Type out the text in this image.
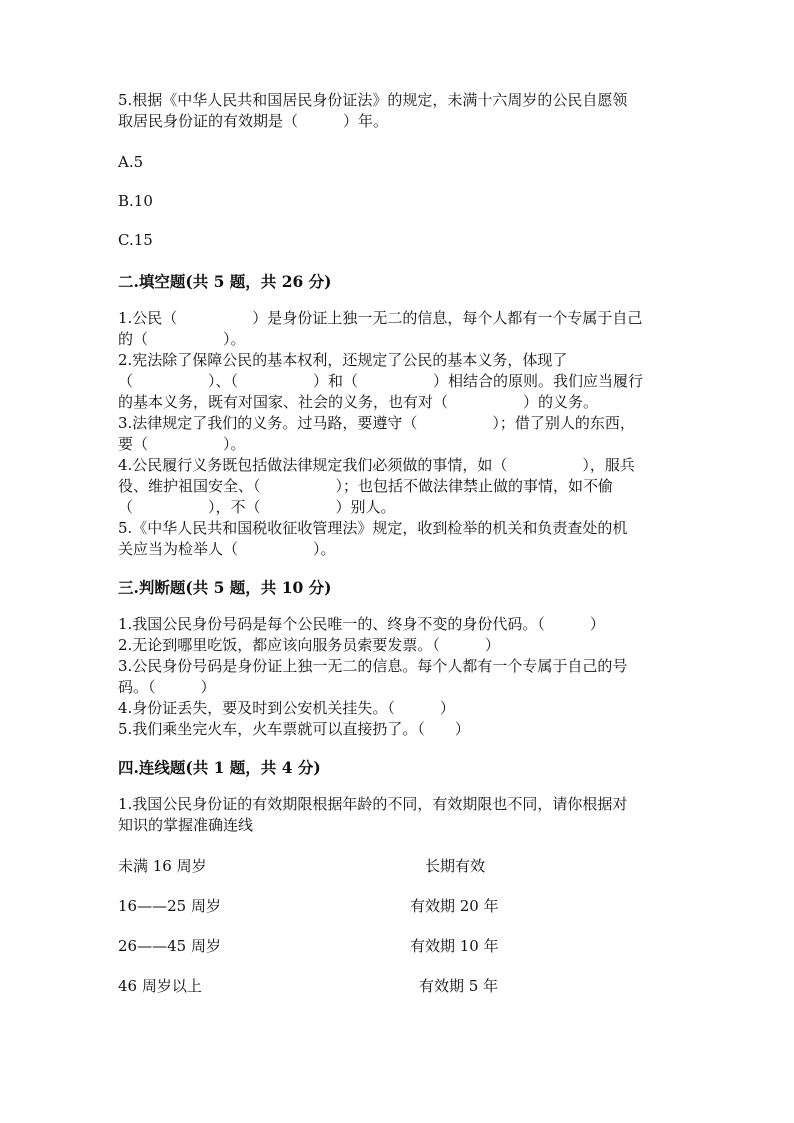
5.根据《中华人民共和国居民身份证法》的规定，未满十六周岁的公民自愿领

取居民身份证的有效期是（　　　）年。

A.5

B.10

C.15

二.填空题(共 5 题，共 26 分)

1.公民（　　　　　）是身份证上独一无二的信息，每个人都有一个专属于自己

的（　　　　　）。

2.宪法除了保障公民的基本权利，还规定了公民的基本义务，体现了

（　　　　　）、（　　　　　）和（　　　　　）相结合的原则。我们应当履行

的基本义务，既有对国家、社会的义务，也有对（　　　　　）的义务。

3.法律规定了我们的义务。过马路，要遵守（　　　　　）；借了别人的东西，

要（　　　　　）。

4.公民履行义务既包括做法律规定我们必须做的事情，如（　　　　　），服兵

役、维护祖国安全、（　　　　　）；也包括不做法律禁止做的事情，如不偷

（　　　　　），不（　　　　　）别人。

5.《中华人民共和国税收征收管理法》规定，收到检举的机关和负责查处的机

关应当为检举人（　　　　　）。

三.判断题(共 5 题，共 10 分)

1.我国公民身份号码是每个公民唯一的、终身不变的身份代码。（　　　）

2.无论到哪里吃饭，都应该向服务员索要发票。（　　　）

3.公民身份号码是身份证上独一无二的信息。每个人都有一个专属于自己的号

码。（　　　）

4.身份证丢失，要及时到公安机关挂失。（　　　）

5.我们乘坐完火车，火车票就可以直接扔了。（　　）

四.连线题(共 1 题，共 4 分)

1.我国公民身份证的有效期限根据年龄的不同，有效期限也不同，请你根据对

知识的掌握准确连线

未满 16 周岁	长期有效
16——25 周岁	有效期 20 年
26——45 周岁	有效期 10 年
46 周岁以上	有效期 5 年
